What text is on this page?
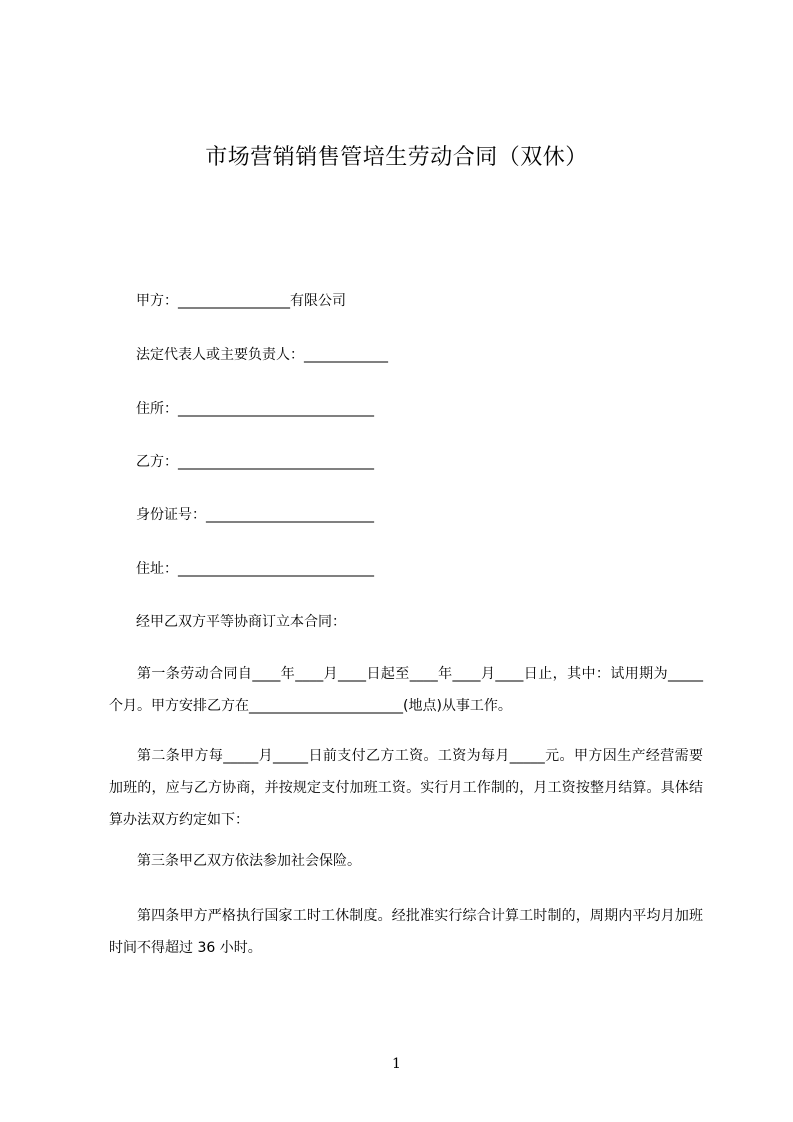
市场营销销售管培生劳动合同（双休）
甲方：________________有限公司
法定代表人或主要负责人：____________
住所：____________________________
乙方：____________________________
身份证号：________________________
住址：____________________________
经甲乙双方平等协商订立本合同：

第一条劳动合同自____年____月____日起至____年____月____日止，其中：试用期为_____个月。甲方安排乙方在______________________(地点)从事工作。

第二条甲方每_____月_____日前支付乙方工资。工资为每月_____元。甲方因生产经营需要加班的，应与乙方协商，并按规定支付加班工资。实行月工作制的，月工资按整月结算。具体结算办法双方约定如下：

第三条甲乙双方依法参加社会保险。

第四条甲方严格执行国家工时工休制度。经批准实行综合计算工时制的，周期内平均月加班时间不得超过 36 小时。

1
